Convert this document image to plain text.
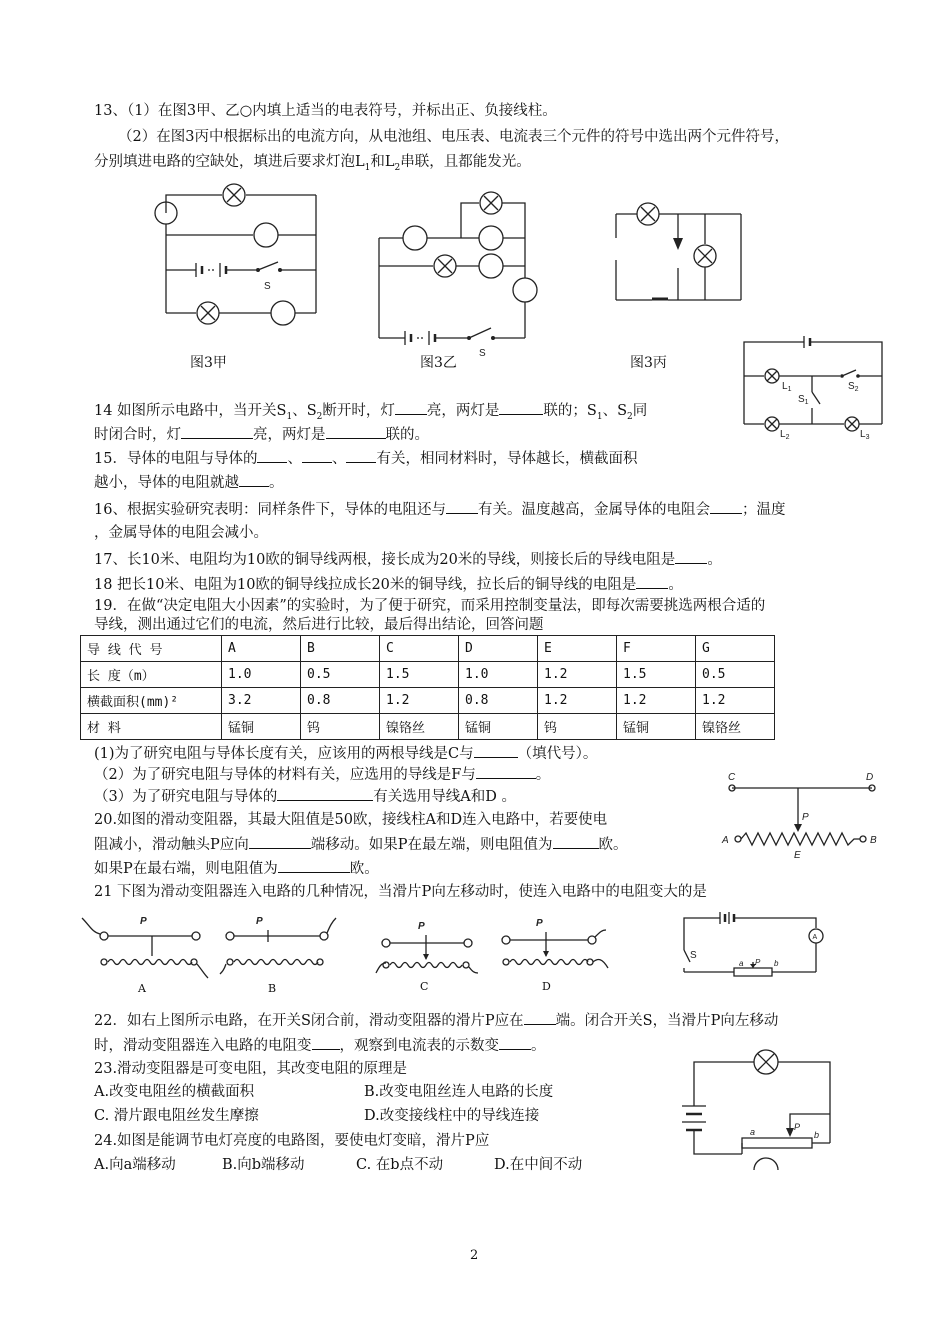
13、（1）在图3甲、乙○内填上适当的电表符号，并标出正、负接线柱。
（2）在图3丙中根据标出的电流方向，从电池组、电压表、电流表三个元件的符号中选出两个元件符号，
分别填进电路的空缺处，填进后要求灯泡$L_1$和$L_2$串联，且都能发光。
S
图3甲
S
图3乙	图3丙
$L_1$	$S_2$
$S_1$
$L_2$	$L_3$
14 如图所示电路中，当开关$S_1$、$S_2$断开时，灯 亮，两灯是	联的；$S_1$、$S_2$同
时闭合时，灯	亮，两灯是	联的。
15．导体的电阻与导体的 、 、 有关，相同材料时，导体越长，横截面积
越小，导体的电阻就越 。
16、根据实验研究表明：同样条件下，导体的电阻还与 有关。温度越高，金属导体的电阻会 ；温度
，金属导体的电阻会减小。
17、长10米、电阻均为10欧的铜导线两根，接长成为20米的导线，则接长后的导线电阻是 。
18 把长10米、电阻为10欧的铜导线拉成长20米的铜导线，拉长后的铜导线的电阻是 。
19．在做“决定电阻大小因素”的实验时，为了便于研究，而采用控制变量法，即每次需要挑选两根合适的
导线，测出通过它们的电流，然后进行比较，最后得出结论，回答问题
导 线 代 号	A	B	C	D	E	F	G
长 度（m）	1.0	0.5	1.5	1.0	1.2	1.5	0.5
横截面积(mm)²	3.2	0.8	1.2	0.8	1.2	1.2	1.2
材 料	锰铜	钨	镍铬丝	锰铜	钨	锰铜	镍铬丝
(1)为了研究电阻与导体长度有关，应该用的两根导线是C与	（填代号）。
（2）为了研究电阻与导体的材料有关，应选用的导线是F与	。
（3）为了研究电阻与导体的	有关选用导线A和D 。
C	D
P
A	B
E
20.如图的滑动变阻器，其最大阻值是50欧，接线柱A和D连入电路中，若要使电
阻减小，滑动触头P应向	端移动。如果P在最左端，则电阻值为	欧。
如果P在最右端，则电阻值为	欧。
21 下图为滑动变阻器连入电路的几种情况，当滑片P向左移动时，使连入电路中的电阻变大的是
P
A
P
B
P
C
P
D
A
S
a P b
22．如右上图所示电路，在开关S闭合前，滑动变阻器的滑片P应在 端。闭合开关S，当滑片P向左移动
时，滑动变阻器连入电路的电阻变 ，观察到电流表的示数变 。
23.滑动变阻器是可变电阻，其改变电阻的原理是
A.改变电阻丝的横截面积	B.改变电阻丝连人电路的长度
C. 滑片跟电阻丝发生摩擦	D.改变接线柱中的导线连接
24.如图是能调节电灯亮度的电路图，要使电灯变暗，滑片P应
A.向a端移动	B.向b端移动	C. 在b点不动	D.在中间不动
a	P
b
2
